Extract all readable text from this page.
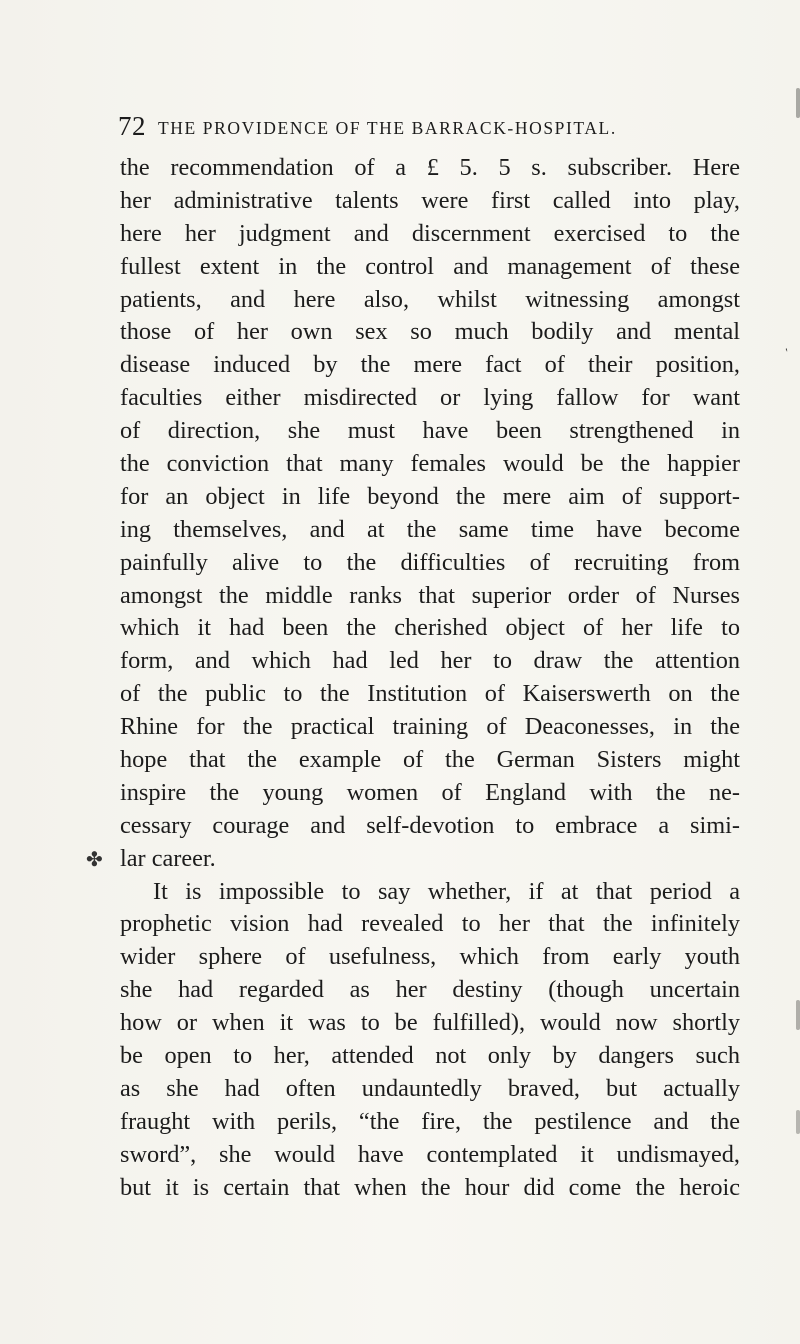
72 THE PROVIDENCE OF THE BARRACK-HOSPITAL.
the recommendation of a £ 5. 5 s. subscriber. Here
her administrative talents were first called into play,
here her judgment and discernment exercised to the
fullest extent in the control and management of these
patients, and here also, whilst witnessing amongst
those of her own sex so much bodily and mental
disease induced by the mere fact of their position,
faculties either misdirected or lying fallow for want
of direction, she must have been strengthened in
the conviction that many females would be the happier
for an object in life beyond the mere aim of support-
ing themselves, and at the same time have become
painfully alive to the difficulties of recruiting from
amongst the middle ranks that superior order of Nurses
which it had been the cherished object of her life to
form, and which had led her to draw the attention
of the public to the Institution of Kaiserswerth on the
Rhine for the practical training of Deaconesses, in the
hope that the example of the German Sisters might
inspire the young women of England with the ne-
cessary courage and self-devotion to embrace a simi-
lar career.
It is impossible to say whether, if at that period a
prophetic vision had revealed to her that the infinitely
wider sphere of usefulness, which from early youth
she had regarded as her destiny (though uncertain
how or when it was to be fulfilled), would now shortly
be open to her, attended not only by dangers such
as she had often undauntedly braved, but actually
fraught with perils, “the fire, the pestilence and the
sword”, she would have contemplated it undismayed,
but it is certain that when the hour did come the heroic
✤
′
